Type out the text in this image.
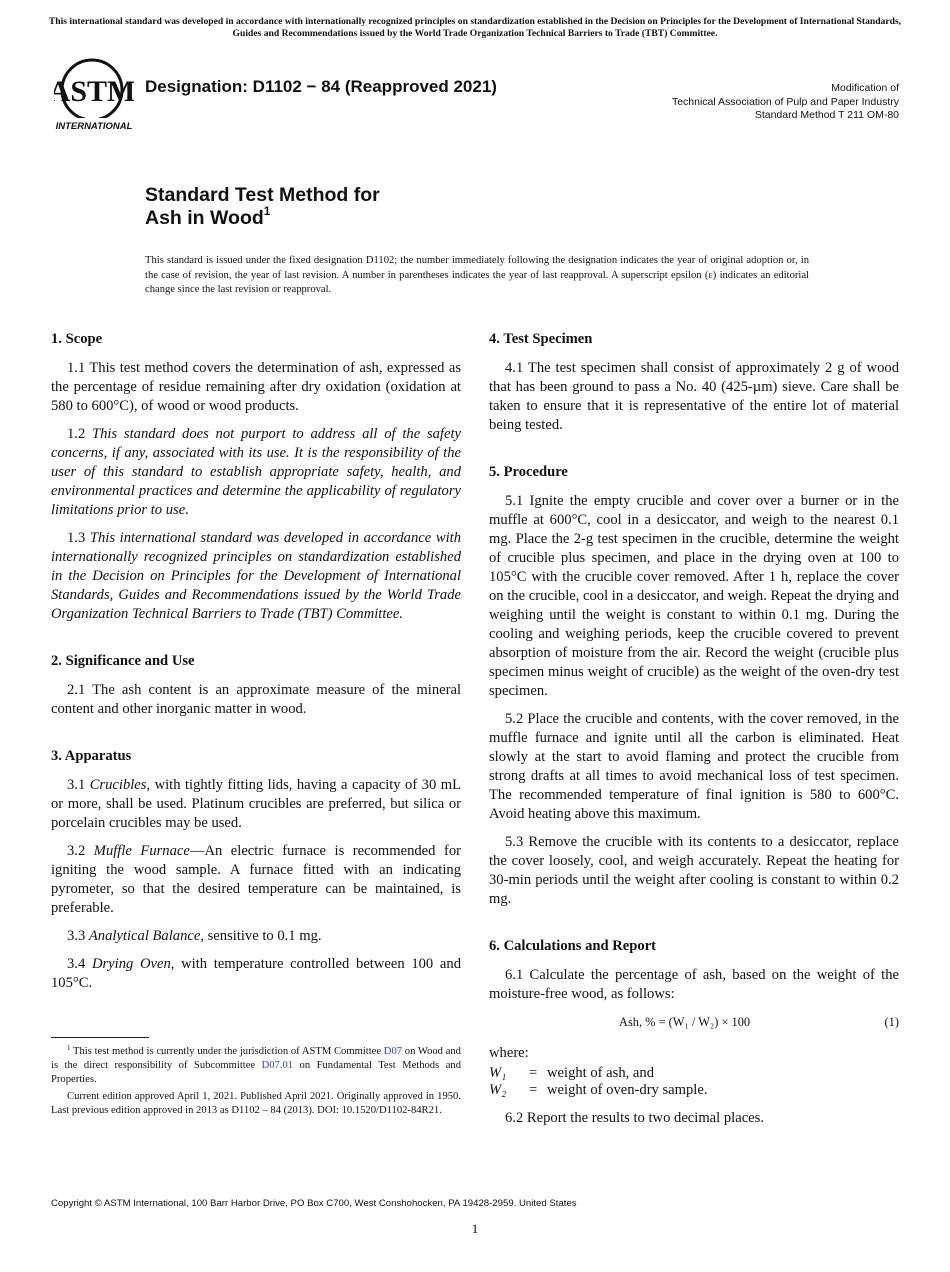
This international standard was developed in accordance with internationally recognized principles on standardization established in the Decision on Principles for the Development of International Standards, Guides and Recommendations issued by the World Trade Organization Technical Barriers to Trade (TBT) Committee.
ASTM
INTERNATIONAL
Designation: D1102 − 84 (Reapproved 2021)	Modification of
Technical Association of Pulp and Paper Industry
Standard Method T 211 OM-80
Standard Test Method for
Ash in Wood$^1$
This standard is issued under the fixed designation D1102; the number immediately following the designation indicates the year of original adoption or, in the case of revision, the year of last revision. A number in parentheses indicates the year of last reapproval. A superscript epsilon (ε) indicates an editorial change since the last revision or reapproval.
1. Scope

1.1 This test method covers the determination of ash, expressed as the percentage of residue remaining after dry oxidation (oxidation at 580 to 600°C), of wood or wood products.

1.2 This standard does not purport to address all of the safety concerns, if any, associated with its use. It is the responsibility of the user of this standard to establish appropriate safety, health, and environmental practices and determine the applicability of regulatory limitations prior to use.

1.3 This international standard was developed in accordance with internationally recognized principles on standardization established in the Decision on Principles for the Development of International Standards, Guides and Recommendations issued by the World Trade Organization Technical Barriers to Trade (TBT) Committee.

2. Significance and Use

2.1 The ash content is an approximate measure of the mineral content and other inorganic matter in wood.

3. Apparatus

3.1 Crucibles, with tightly fitting lids, having a capacity of 30 mL or more, shall be used. Platinum crucibles are preferred, but silica or porcelain crucibles may be used.

3.2 Muffle Furnace—An electric furnace is recommended for igniting the wood sample. A furnace fitted with an indicating pyrometer, so that the desired temperature can be maintained, is preferable.

3.3 Analytical Balance, sensitive to 0.1 mg.

3.4 Drying Oven, with temperature controlled between 100 and 105°C.

4. Test Specimen

4.1 The test specimen shall consist of approximately 2 g of wood that has been ground to pass a No. 40 (425-µm) sieve. Care shall be taken to ensure that it is representative of the entire lot of material being tested.

5. Procedure

5.1 Ignite the empty crucible and cover over a burner or in the muffle at 600°C, cool in a desiccator, and weigh to the nearest 0.1 mg. Place the 2-g test specimen in the crucible, determine the weight of crucible plus specimen, and place in the drying oven at 100 to 105°C with the crucible cover removed. After 1 h, replace the cover on the crucible, cool in a desiccator, and weigh. Repeat the drying and weighing until the weight is constant to within 0.1 mg. During the cooling and weighing periods, keep the crucible covered to prevent absorption of moisture from the air. Record the weight (crucible plus specimen minus weight of crucible) as the weight of the oven-dry test specimen.

5.2 Place the crucible and contents, with the cover removed, in the muffle furnace and ignite until all the carbon is eliminated. Heat slowly at the start to avoid flaming and protect the crucible from strong drafts at all times to avoid mechanical loss of test specimen. The recommended temperature of final ignition is 580 to 600°C. Avoid heating above this maximum.

5.3 Remove the crucible with its contents to a desiccator, replace the cover loosely, cool, and weigh accurately. Repeat the heating for 30-min periods until the weight after cooling is constant to within 0.2 mg.

6. Calculations and Report

6.1 Calculate the percentage of ash, based on the weight of the moisture-free wood, as follows:

Ash, % = (W₁ / W₂) × 100	(1)
where:
W₁	= weight of ash, and
W₂	= weight of oven-dry sample.

6.2 Report the results to two decimal places.

$^1$ This test method is currently under the jurisdiction of ASTM Committee D07 on Wood and is the direct responsibility of Subcommittee D07.01 on Fundamental Test Methods and Properties.

Current edition approved April 1, 2021. Published April 2021. Originally approved in 1950. Last previous edition approved in 2013 as D1102 – 84 (2013). DOI: 10.1520/D1102-84R21.

Copyright © ASTM International, 100 Barr Harbor Drive, PO Box C700, West Conshohocken, PA 19428-2959. United States
1
